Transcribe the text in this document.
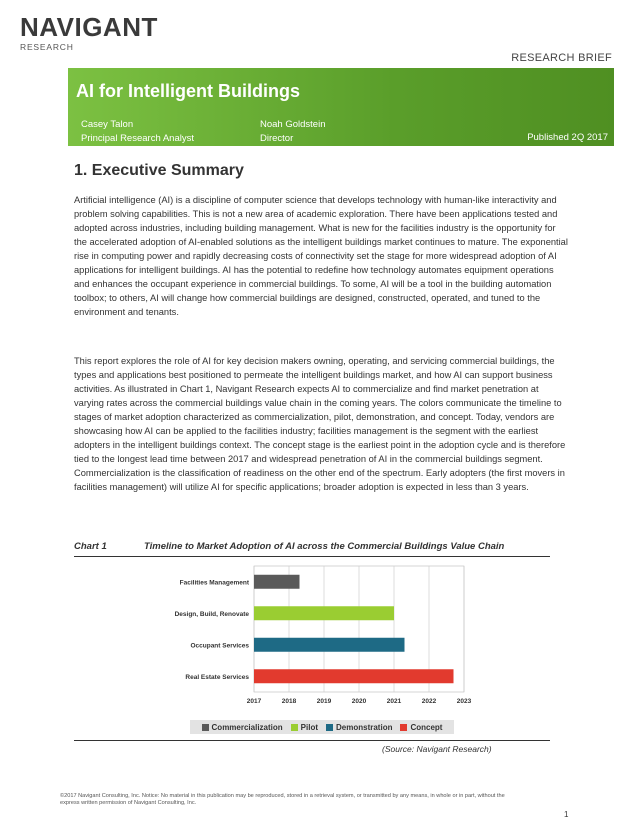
NAVIGANT
RESEARCH
RESEARCH BRIEF
AI for Intelligent Buildings
Casey Talon
Principal Research Analyst
Noah Goldstein
Director	Published 2Q 2017
1. Executive Summary

Artificial intelligence (AI) is a discipline of computer science that develops technology with human-like interactivity and problem solving capabilities. This is not a new area of academic exploration. There have been applications tested and adopted across industries, including building management. What is new for the facilities industry is the opportunity for the accelerated adoption of AI-enabled solutions as the intelligent buildings market continues to mature. The exponential rise in computing power and rapidly decreasing costs of connectivity set the stage for more widespread adoption of AI applications for intelligent buildings. AI has the potential to redefine how technology automates equipment operations and enhances the occupant experience in commercial buildings. To some, AI will be a tool in the building automation toolbox; to others, AI will change how commercial buildings are designed, constructed, operated, and tuned to the environment and tenants.

This report explores the role of AI for key decision makers owning, operating, and servicing commercial buildings, the types and applications best positioned to permeate the intelligent buildings market, and how AI can support business activities. As illustrated in Chart 1, Navigant Research expects AI to commercialize and find market penetration at varying rates across the commercial buildings value chain in the coming years. The colors communicate the timeline to stages of market adoption characterized as commercialization, pilot, demonstration, and concept. Today, vendors are showcasing how AI can be applied to the facilities industry; facilities management is the segment with the earliest adopters in the intelligent buildings context. The concept stage is the earliest point in the adoption cycle and is therefore tied to the longest lead time between 2017 and widespread penetration of AI in the commercial buildings segment. Commercialization is the classification of readiness on the other end of the spectrum. Early adopters (the first movers in facilities management) will utilize AI for specific applications; broader adoption is expected in less than 3 years.

Chart 1	Timeline to Market Adoption of AI across the Commercial Buildings Value Chain
2017	2018	2019	2020	2021	2022	2023
Facilities Management
Design, Build, Renovate
Occupant Services
Real Estate Services
Commercialization Pilot Demonstration Concept
(Source: Navigant Research)
©2017 Navigant Consulting, Inc. Notice: No material in this publication may be reproduced, stored in a retrieval system, or transmitted by any means, in whole or in part, without the express written permission of Navigant Consulting, Inc.
1
